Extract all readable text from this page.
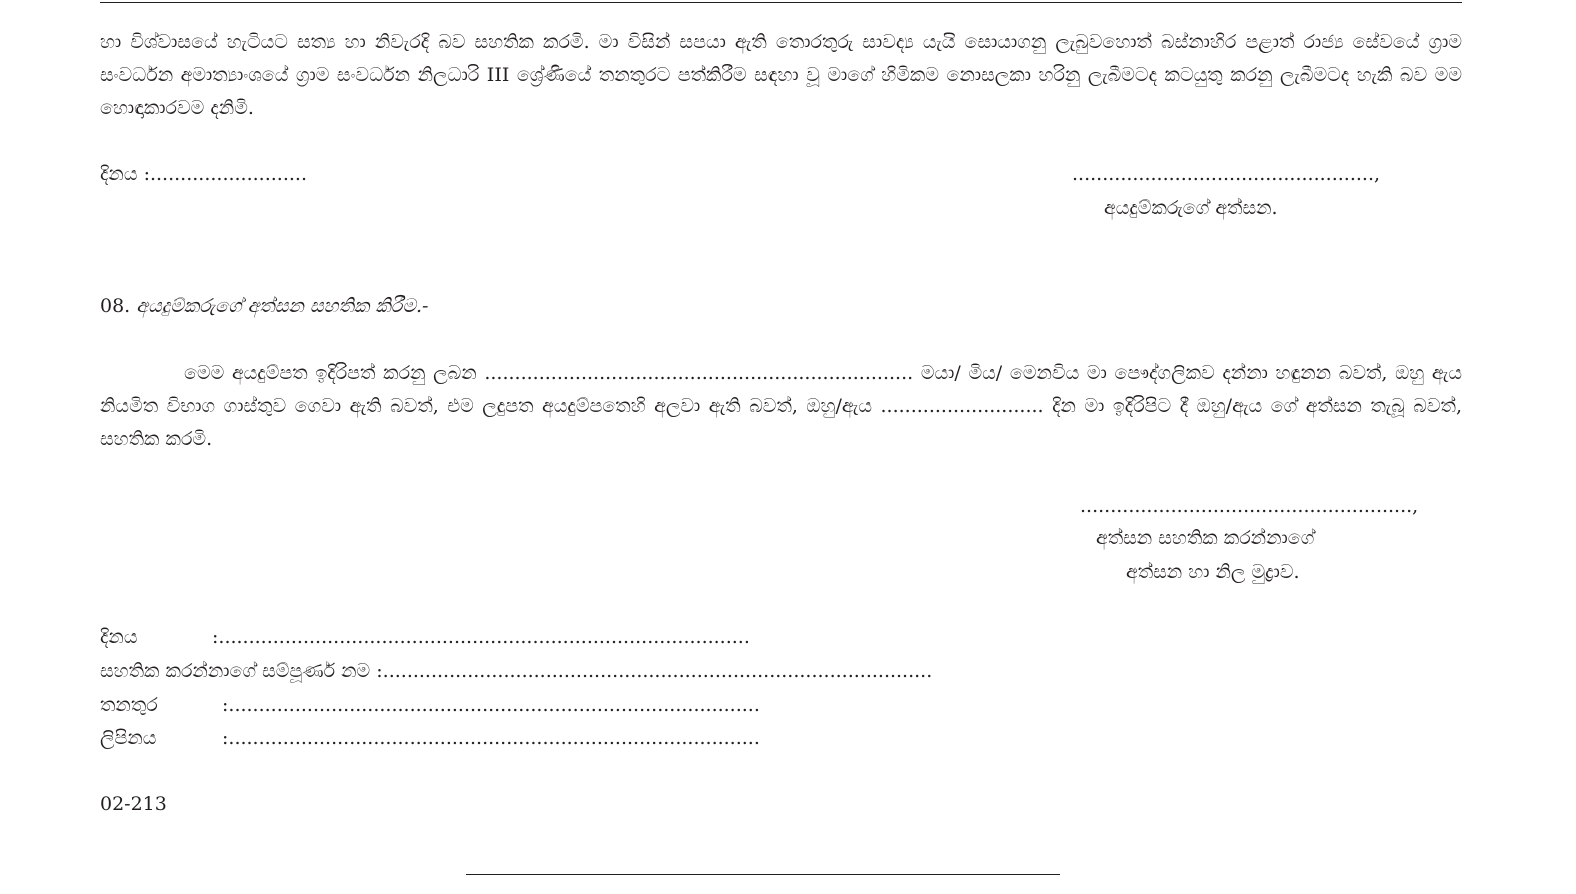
හා විශ්වාසයේ හැටියට සත්‍ය හා නිවැරදි බව සහතික කරමි. මා විසින් සපයා ඇති තොරතුරු සාවද්‍ය යැයි සොයාගනු ලැබුවහොත් බස්නාහිර පළාත් රාජ්‍ය සේවයේ ග්‍රාම සංවර්ධන අමාත්‍යාංශයේ ග්‍රාම සංවර්ධන නිලධාරි III ශ්‍රේණියේ තනතුරට පත්කිරීම සඳහා වූ මාගේ හිමිකම නොසලකා හරිනු ලැබීමටද කටයුතු කරනු ලැබීමටද හැකි බව මම හොඳාකාරවම දනිමි.
දිනය :..........................	..................................................,
අයදුම්කරුගේ අත්සන.
08. අයදුම්කරුගේ අත්සන සහතික කිරීම.-
මෙම අයදුම්පත ඉදිරිපත් කරනු ලබන ....................................................................... මයා/ මිය/ මෙනවිය මා පෞද්ගලිකව දන්නා හඳුනන බවත්, ඔහු ඇය නියමිත විභාග ගාස්තුව ගෙවා ඇති බවත්, එම ලදුපත අයදුම්පතෙහි අලවා ඇති බවත්, ඔහු/ඇය ........................... දින මා ඉදිරිපිට දී ඔහු/ඇය ගේ අත්සන තැබූ බවත්, සහතික කරමි.
.......................................................,
අත්සන සහතික කරන්නාගේ
අත්සන හා නිල මුද්‍රාව.
දිනය	:........................................................................................
සහතික කරන්නාගේ සම්පූර්ණ නම :...........................................................................................
තනතුර	:........................................................................................
ලිපිනය	:........................................................................................
02-213
